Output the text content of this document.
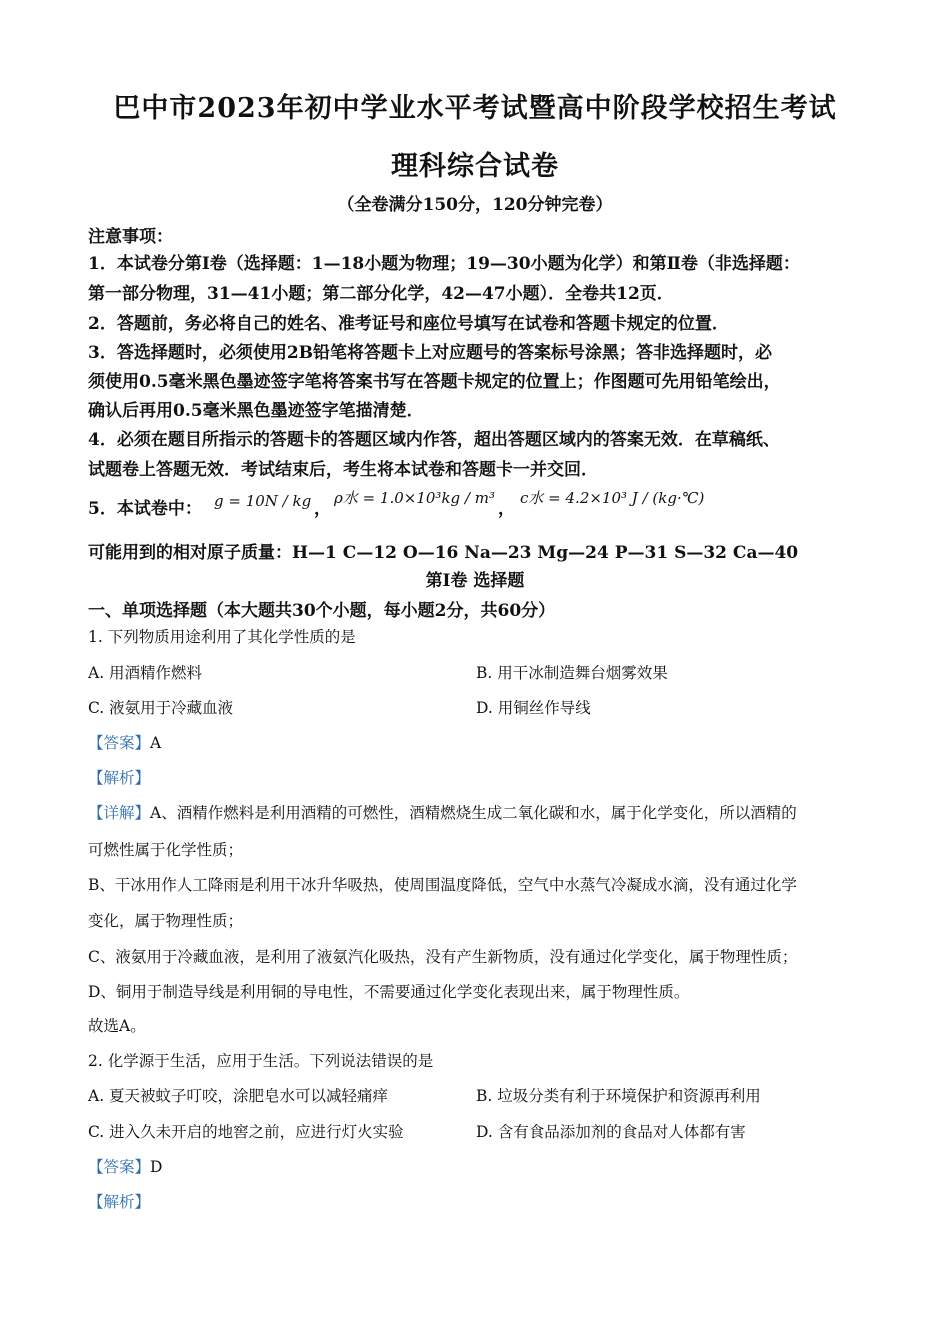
巴中市2023年初中学业水平考试暨高中阶段学校招生考试
理科综合试卷
（全卷满分150分，120分钟完卷）
注意事项：
1．本试卷分第Ⅰ卷（选择题：1—18小题为物理；19—30小题为化学）和第Ⅱ卷（非选择题：
第一部分物理，31—41小题；第二部分化学，42—47小题）．全卷共12页．
2．答题前，务必将自己的姓名、准考证号和座位号填写在试卷和答题卡规定的位置．
3．答选择题时，必须使用2B铅笔将答题卡上对应题号的答案标号涂黑；答非选择题时，必
须使用0.5毫米黑色墨迹签字笔将答案书写在答题卡规定的位置上；作图题可先用铅笔绘出，
确认后再用0.5毫米黑色墨迹签字笔描清楚．
4．必须在题目所指示的答题卡的答题区域内作答，超出答题区域内的答案无效．在草稿纸、
试题卷上答题无效．考试结束后，考生将本试卷和答题卡一并交回．
5．本试卷中： g = 10N / kg ，
ρ水 = 1.0×10³kg / m³
，
c水 = 4.2×10³ J / (kg·℃)
可能用到的相对原子质量：H—1 C—12 O—16 Na—23 Mg—24 P—31 S—32 Ca—40
第Ⅰ卷 选择题
一、单项选择题（本大题共30个小题，每小题2分，共60分）
1. 下列物质用途利用了其化学性质的是
A. 用酒精作燃料	B. 用干冰制造舞台烟雾效果
C. 液氨用于冷藏血液	D. 用铜丝作导线
【答案】A
【解析】
【详解】A、酒精作燃料是利用酒精的可燃性，酒精燃烧生成二氧化碳和水，属于化学变化，所以酒精的
可燃性属于化学性质；
B、干冰用作人工降雨是利用干冰升华吸热，使周围温度降低，空气中水蒸气冷凝成水滴，没有通过化学
变化，属于物理性质；
C、液氨用于冷藏血液，是利用了液氨汽化吸热，没有产生新物质，没有通过化学变化，属于物理性质；
D、铜用于制造导线是利用铜的导电性，不需要通过化学变化表现出来，属于物理性质。
故选A。
2. 化学源于生活，应用于生活。下列说法错误的是
A. 夏天被蚊子叮咬，涂肥皂水可以减轻痛痒	B. 垃圾分类有利于环境保护和资源再利用
C. 进入久未开启的地窖之前，应进行灯火实验	D. 含有食品添加剂的食品对人体都有害
【答案】D
【解析】
